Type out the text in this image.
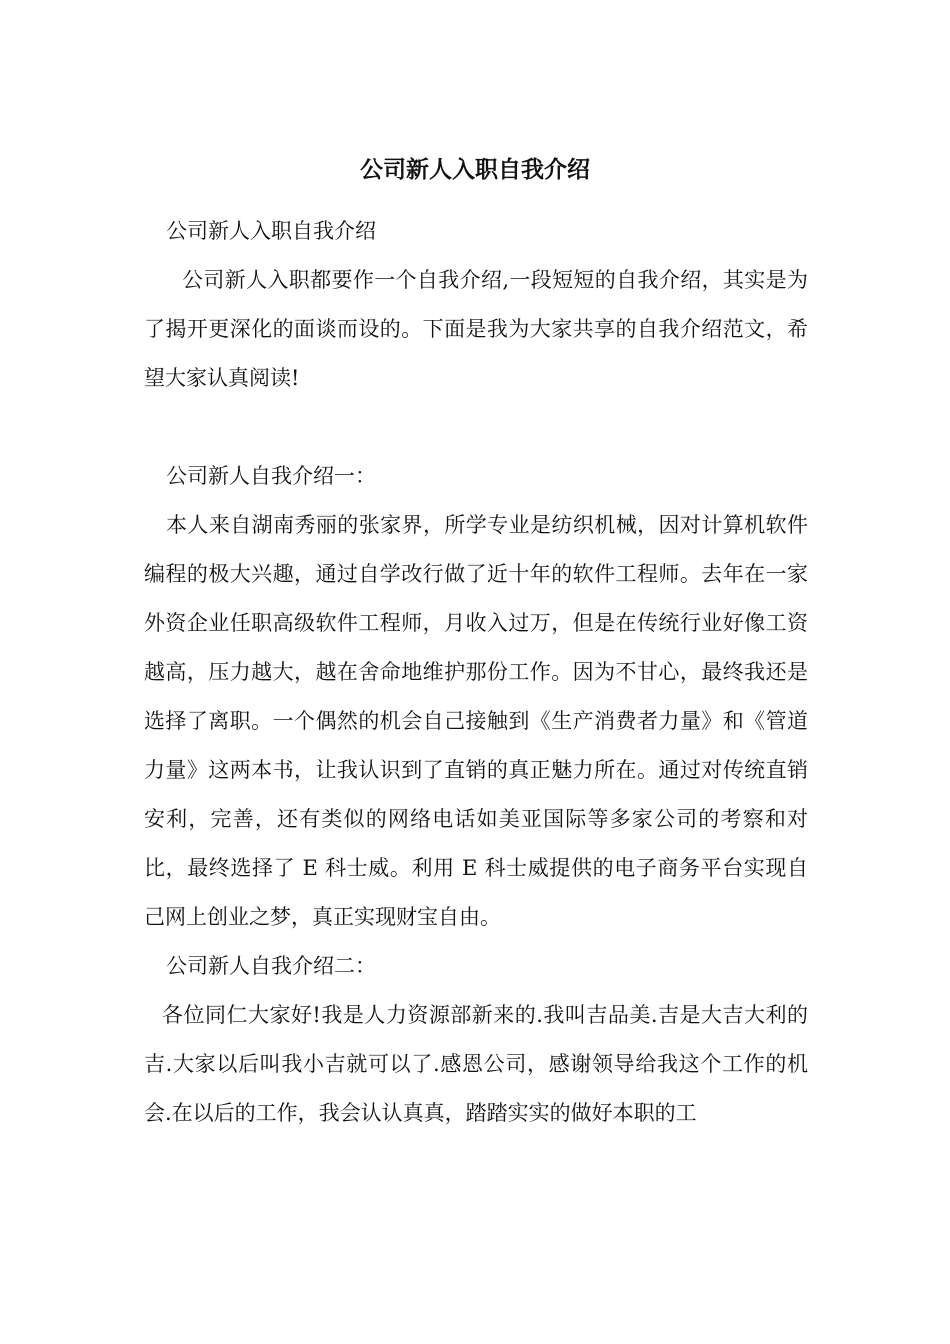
公司新人入职自我介绍

公司新人入职自我介绍

公司新人入职都要作一个自我介绍,一段短短的自我介绍，其实是为了揭开更深化的面谈而设的。下面是我为大家共享的自我介绍范文，希望大家认真阅读!

公司新人自我介绍一：

本人来自湖南秀丽的张家界，所学专业是纺织机械，因对计算机软件编程的极大兴趣，通过自学改行做了近十年的软件工程师。去年在一家外资企业任职高级软件工程师，月收入过万，但是在传统行业好像工资越高，压力越大，越在舍命地维护那份工作。因为不甘心，最终我还是选择了离职。一个偶然的机会自己接触到《生产消费者力量》和《管道力量》这两本书，让我认识到了直销的真正魅力所在。通过对传统直销安利，完善，还有类似的网络电话如美亚国际等多家公司的考察和对比，最终选择了 E 科士威。利用 E 科士威提供的电子商务平台实现自己网上创业之梦，真正实现财宝自由。

公司新人自我介绍二：

各位同仁大家好!我是人力资源部新来的.我叫吉品美.吉是大吉大利的吉.大家以后叫我小吉就可以了.感恩公司，感谢领导给我这个工作的机会.在以后的工作，我会认认真真，踏踏实实的做好本职的工
